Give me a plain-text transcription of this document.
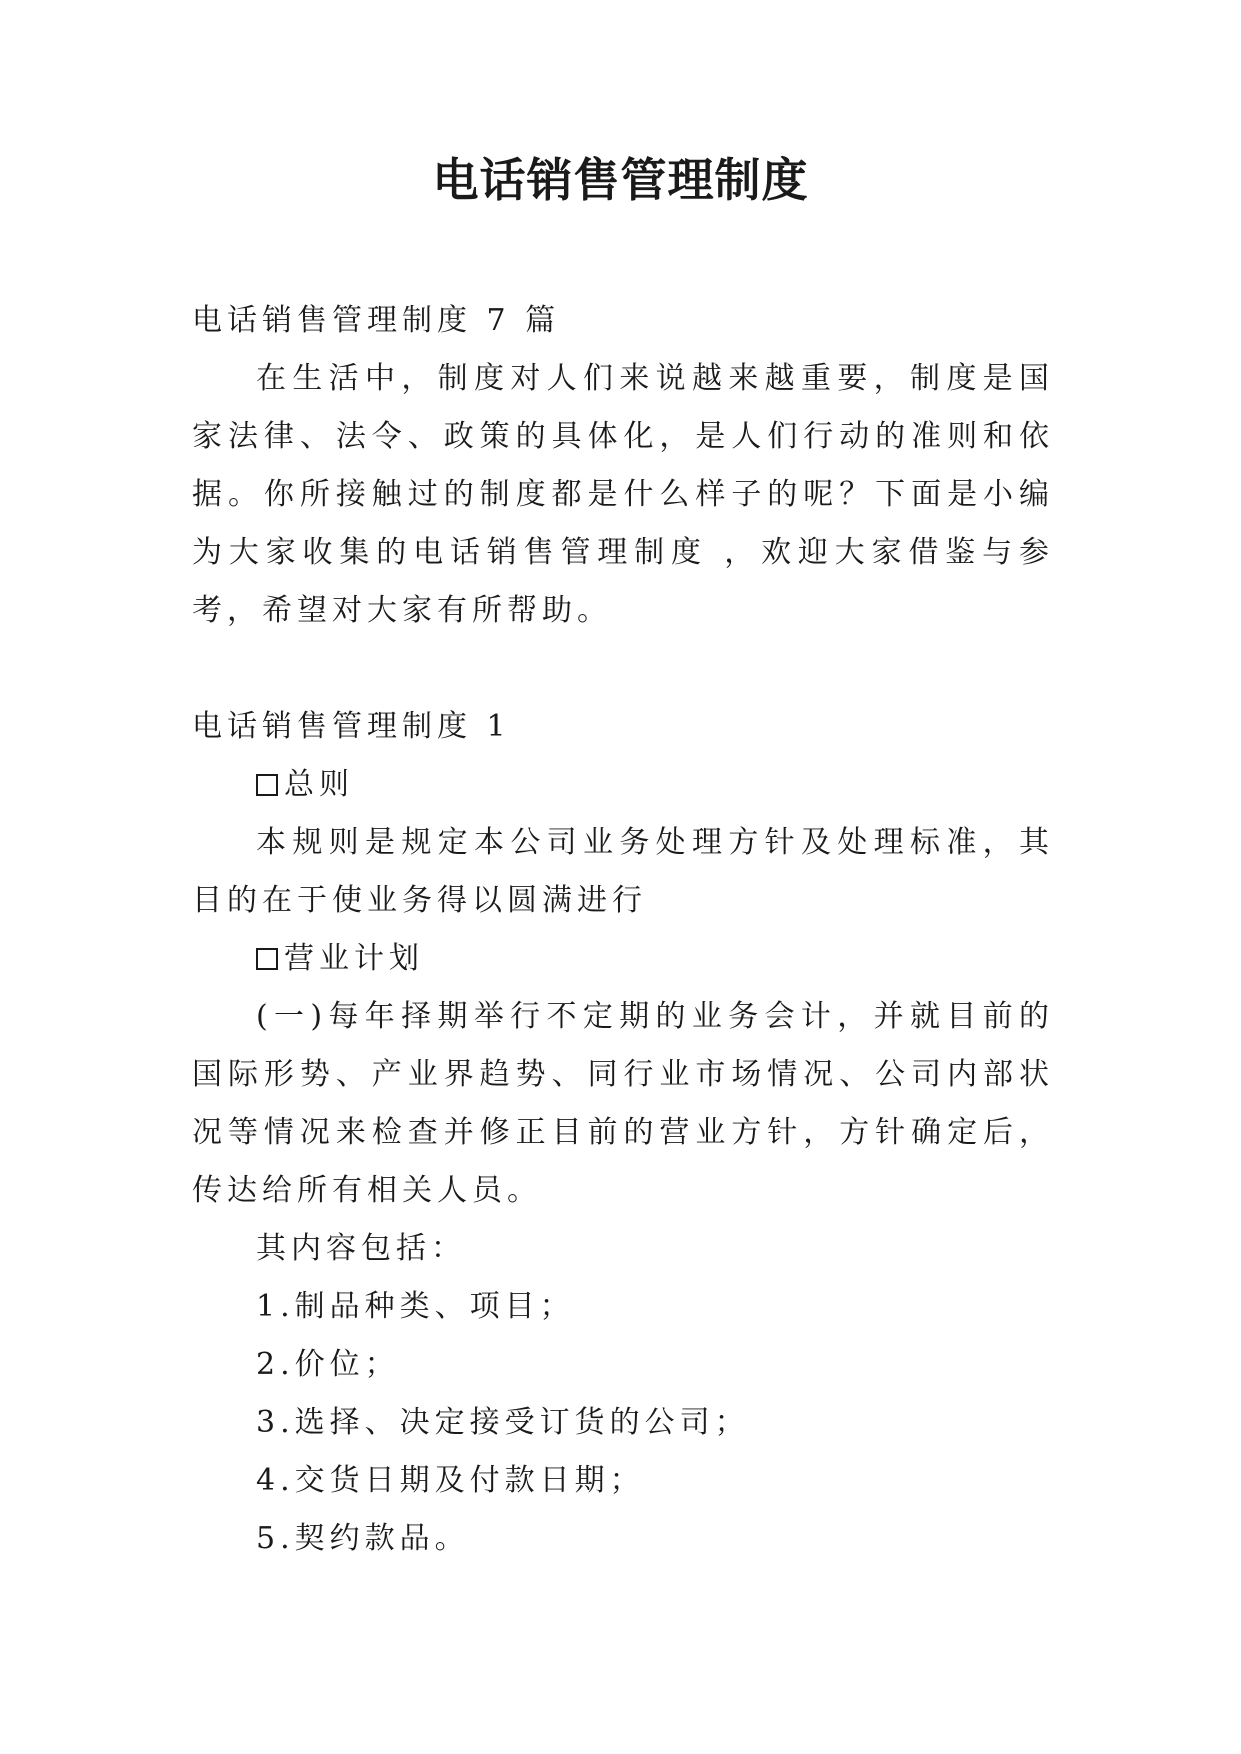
电话销售管理制度

电话销售管理制度 7 篇

在生活中，制度对人们来说越来越重要，制度是国家法律、法令、政策的具体化，是人们行动的准则和依据。你所接触过的制度都是什么样子的呢？下面是小编为大家收集的电话销售管理制度 ，欢迎大家借鉴与参考，希望对大家有所帮助。

电话销售管理制度 1

总则

本规则是规定本公司业务处理方针及处理标准，其目的在于使业务得以圆满进行

营业计划

(一)每年择期举行不定期的业务会计，并就目前的国际形势、产业界趋势、同行业市场情况、公司内部状况等情况来检查并修正目前的营业方针，方针确定后，传达给所有相关人员。

其内容包括：

1.制品种类、项目；

2.价位；

3.选择、决定接受订货的公司；

4.交货日期及付款日期；

5.契约款品。
